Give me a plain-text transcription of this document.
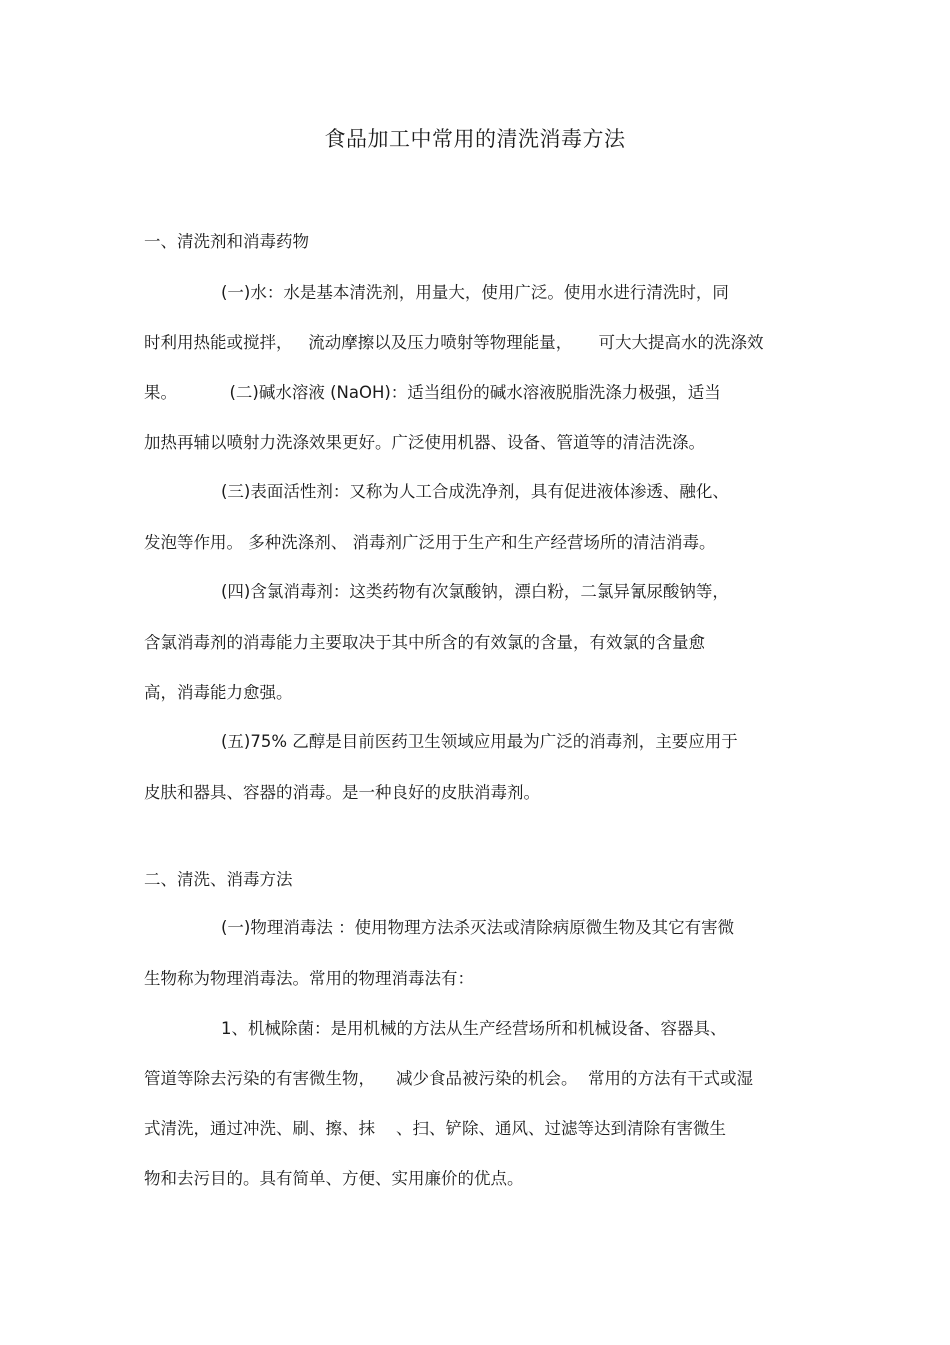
食品加工中常用的清洗消毒方法

一、清洗剂和消毒药物

(一)水：水是基本清洗剂，用量大，使用广泛。使用水进行清洗时，同

时利用热能或搅拌，   流动摩擦以及压力喷射等物理能量，     可大大提高水的洗涤效

果。          (二)碱水溶液 (NaOH)：适当组份的碱水溶液脱脂洗涤力极强，适当

加热再辅以喷射力洗涤效果更好。广泛使用机器、设备、管道等的清洁洗涤。

(三)表面活性剂：又称为人工合成洗净剂，具有促进液体渗透、融化、

发泡等作用。 多种洗涤剂、 消毒剂广泛用于生产和生产经营场所的清洁消毒。

(四)含氯消毒剂：这类药物有次氯酸钠，漂白粉，二氯异氰尿酸钠等，

含氯消毒剂的消毒能力主要取决于其中所含的有效氯的含量，有效氯的含量愈

高，消毒能力愈强。

(五)75% 乙醇是目前医药卫生领域应用最为广泛的消毒剂，主要应用于

皮肤和器具、容器的消毒。是一种良好的皮肤消毒剂。

二、清洗、消毒方法

(一)物理消毒法 ：使用物理方法杀灭法或清除病原微生物及其它有害微

生物称为物理消毒法。常用的物理消毒法有：

1、机械除菌：是用机械的方法从生产经营场所和机械设备、容器具、

管道等除去污染的有害微生物，    减少食品被污染的机会。  常用的方法有干式或湿

式清洗，通过冲洗、刷、擦、抹    、扫、铲除、通风、过滤等达到清除有害微生

物和去污目的。具有简单、方便、实用廉价的优点。
